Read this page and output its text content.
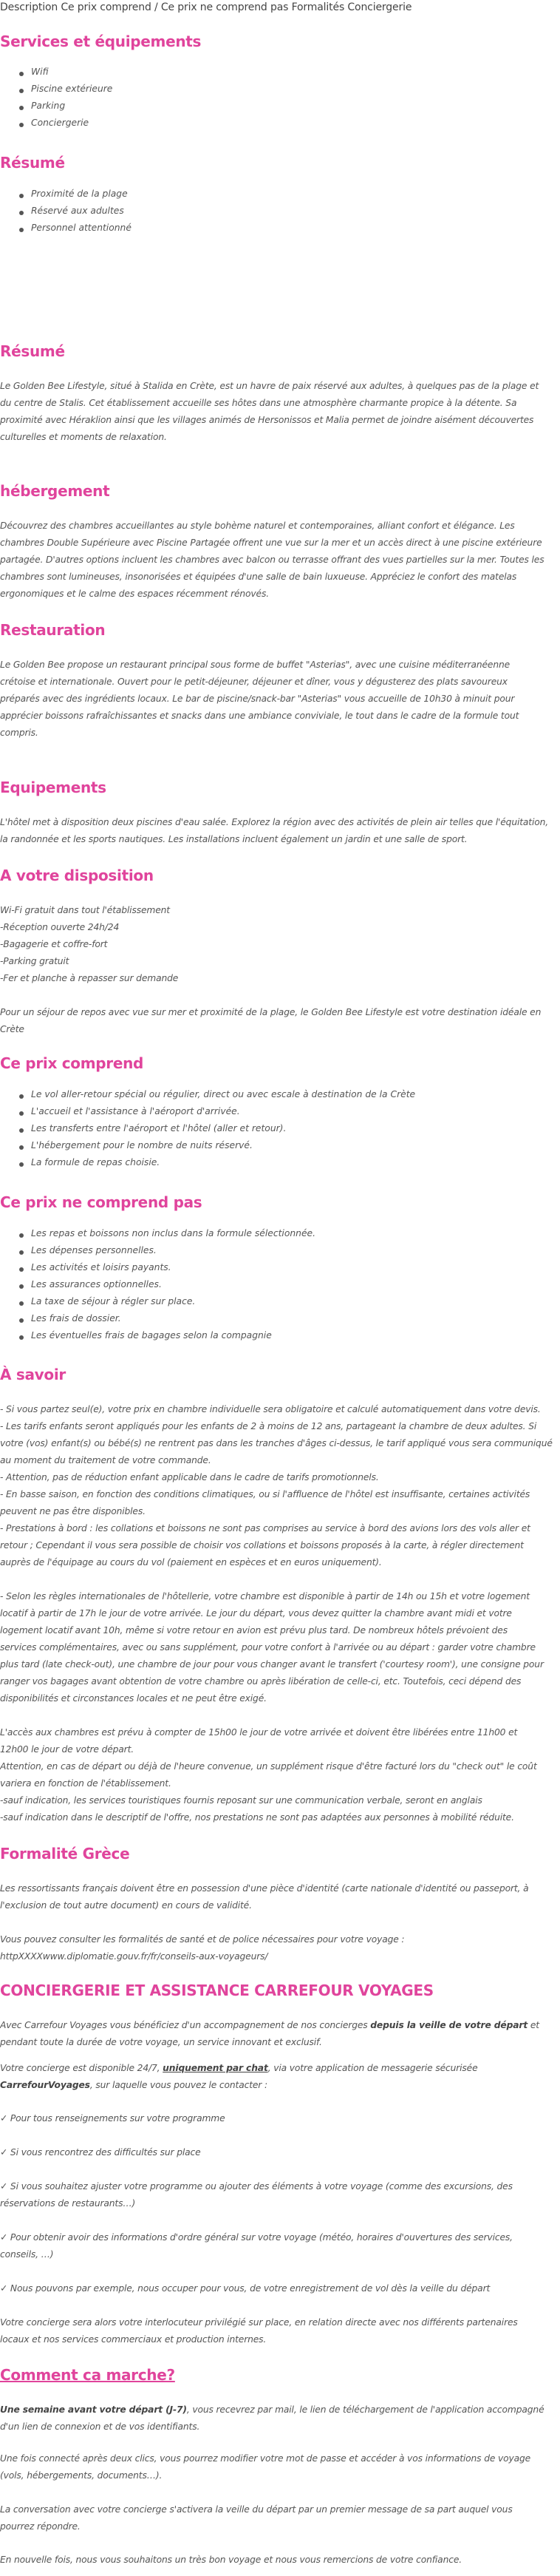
Description Ce prix comprend / Ce prix ne comprend pas Formalités Conciergerie
Services et équipements
Wifi
Piscine extérieure
Parking
Conciergerie
Résumé
Proximité de la plage
Réservé aux adultes
Personnel attentionné
Résumé
Le Golden Bee Lifestyle, situé à Stalida en Crète, est un havre de paix réservé aux adultes, à quelques pas de la plage et
du centre de Stalis. Cet établissement accueille ses hôtes dans une atmosphère charmante propice à la détente. Sa
proximité avec Héraklion ainsi que les villages animés de Hersonissos et Malia permet de joindre aisément découvertes
culturelles et moments de relaxation.
hébergement
Découvrez des chambres accueillantes au style bohème naturel et contemporaines, alliant confort et élégance. Les
chambres Double Supérieure avec Piscine Partagée offrent une vue sur la mer et un accès direct à une piscine extérieure
partagée. D'autres options incluent les chambres avec balcon ou terrasse offrant des vues partielles sur la mer. Toutes les
chambres sont lumineuses, insonorisées et équipées d'une salle de bain luxueuse. Appréciez le confort des matelas
ergonomiques et le calme des espaces récemment rénovés.
Restauration
Le Golden Bee propose un restaurant principal sous forme de buffet "Asterias", avec une cuisine méditerranéenne
crétoise et internationale. Ouvert pour le petit-déjeuner, déjeuner et dîner, vous y dégusterez des plats savoureux
préparés avec des ingrédients locaux. Le bar de piscine/snack-bar "Asterias" vous accueille de 10h30 à minuit pour
apprécier boissons rafraîchissantes et snacks dans une ambiance conviviale, le tout dans le cadre de la formule tout
compris.
Equipements
L'hôtel met à disposition deux piscines d'eau salée. Explorez la région avec des activités de plein air telles que l'équitation,
la randonnée et les sports nautiques. Les installations incluent également un jardin et une salle de sport.
A votre disposition
Wi-Fi gratuit dans tout l'établissement
-Réception ouverte 24h/24
-Bagagerie et coffre-fort
-Parking gratuit
-Fer et planche à repasser sur demande
Pour un séjour de repos avec vue sur mer et proximité de la plage, le Golden Bee Lifestyle est votre destination idéale en
Crète
Ce prix comprend
Le vol aller-retour spécial ou régulier, direct ou avec escale à destination de la Crète
L'accueil et l'assistance à l'aéroport d'arrivée.
Les transferts entre l'aéroport et l'hôtel (aller et retour).
L'hébergement pour le nombre de nuits réservé.
La formule de repas choisie.
Ce prix ne comprend pas
Les repas et boissons non inclus dans la formule sélectionnée.
Les dépenses personnelles.
Les activités et loisirs payants.
Les assurances optionnelles.
La taxe de séjour à régler sur place.
Les frais de dossier.
Les éventuelles frais de bagages selon la compagnie
À savoir
- Si vous partez seul(e), votre prix en chambre individuelle sera obligatoire et calculé automatiquement dans votre devis.
- Les tarifs enfants seront appliqués pour les enfants de 2 à moins de 12 ans, partageant la chambre de deux adultes. Si
votre (vos) enfant(s) ou bébé(s) ne rentrent pas dans les tranches d'âges ci-dessus, le tarif appliqué vous sera communiqué
au moment du traitement de votre commande.
- Attention, pas de réduction enfant applicable dans le cadre de tarifs promotionnels.
- En basse saison, en fonction des conditions climatiques, ou si l'affluence de l'hôtel est insuffisante, certaines activités
peuvent ne pas être disponibles.
- Prestations à bord : les collations et boissons ne sont pas comprises au service à bord des avions lors des vols aller et
retour ; Cependant il vous sera possible de choisir vos collations et boissons proposés à la carte, à régler directement
auprès de l'équipage au cours du vol (paiement en espèces et en euros uniquement).
- Selon les règles internationales de l'hôtellerie, votre chambre est disponible à partir de 14h ou 15h et votre logement
locatif à partir de 17h le jour de votre arrivée. Le jour du départ, vous devez quitter la chambre avant midi et votre
logement locatif avant 10h, même si votre retour en avion est prévu plus tard. De nombreux hôtels prévoient des
services complémentaires, avec ou sans supplément, pour votre confort à l'arrivée ou au départ : garder votre chambre
plus tard (late check-out), une chambre de jour pour vous changer avant le transfert ('courtesy room'), une consigne pour
ranger vos bagages avant obtention de votre chambre ou après libération de celle-ci, etc. Toutefois, ceci dépend des
disponibilités et circonstances locales et ne peut être exigé.
L'accès aux chambres est prévu à compter de 15h00 le jour de votre arrivée et doivent être libérées entre 11h00 et
12h00 le jour de votre départ.
Attention, en cas de départ ou déjà de l'heure convenue, un supplément risque d'être facturé lors du "check out" le coût
variera en fonction de l'établissement.
-sauf indication, les services touristiques fournis reposant sur une communication verbale, seront en anglais
-sauf indication dans le descriptif de l'offre, nos prestations ne sont pas adaptées aux personnes à mobilité réduite.
Formalité Grèce
Les ressortissants français doivent être en possession d'une pièce d'identité (carte nationale d'identité ou passeport, à
l'exclusion de tout autre document) en cours de validité.
Vous pouvez consulter les formalités de santé et de police nécessaires pour votre voyage :
httpXXXXwww.diplomatie.gouv.fr/fr/conseils-aux-voyageurs/
CONCIERGERIE ET ASSISTANCE CARREFOUR VOYAGES
Avec Carrefour Voyages vous bénéficiez d'un accompagnement de nos concierges depuis la veille de votre départ et
pendant toute la durée de votre voyage, un service innovant et exclusif.
Votre concierge est disponible 24/7, uniquement par chat, via votre application de messagerie sécurisée
CarrefourVoyages, sur laquelle vous pouvez le contacter :
✓ Pour tous renseignements sur votre programme
✓ Si vous rencontrez des difficultés sur place
✓ Si vous souhaitez ajuster votre programme ou ajouter des éléments à votre voyage (comme des excursions, des
réservations de restaurants…)
✓ Pour obtenir avoir des informations d'ordre général sur votre voyage (météo, horaires d'ouvertures des services,
conseils, …)
✓ Nous pouvons par exemple, nous occuper pour vous, de votre enregistrement de vol dès la veille du départ
Votre concierge sera alors votre interlocuteur privilégié sur place, en relation directe avec nos différents partenaires
locaux et nos services commerciaux et production internes.
Comment ca marche?
Une semaine avant votre départ (J-7), vous recevrez par mail, le lien de téléchargement de l'application accompagné
d'un lien de connexion et de vos identifiants.
Une fois connecté après deux clics, vous pourrez modifier votre mot de passe et accéder à vos informations de voyage
(vols, hébergements, documents…).
La conversation avec votre concierge s'activera la veille du départ par un premier message de sa part auquel vous
pourrez répondre.
En nouvelle fois, nous vous souhaitons un très bon voyage et nous vous remercions de votre confiance.
